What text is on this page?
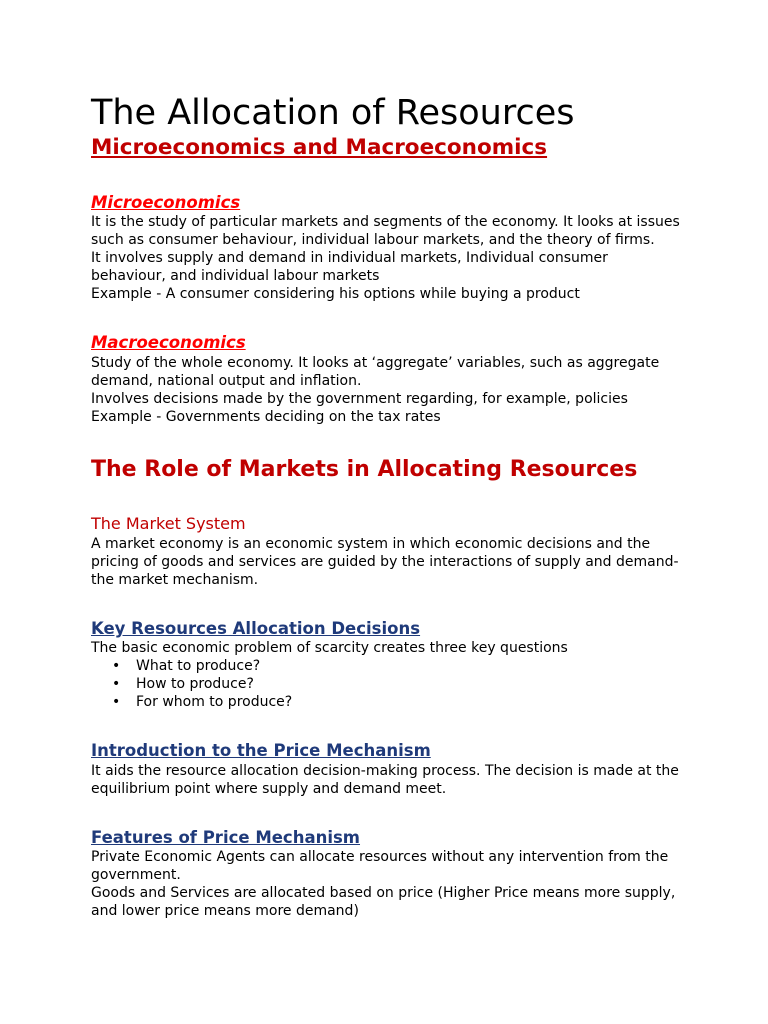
The Allocation of Resources
Microeconomics and Macroeconomics
Microeconomics
It is the study of particular markets and segments of the economy. It looks at issues
such as consumer behaviour, individual labour markets, and the theory of firms.
It involves supply and demand in individual markets, Individual consumer
behaviour, and individual labour markets
Example - A consumer considering his options while buying a product
Macroeconomics
Study of the whole economy. It looks at ‘aggregate’ variables, such as aggregate
demand, national output and inflation.
Involves decisions made by the government regarding, for example, policies
Example - Governments deciding on the tax rates
The Role of Markets in Allocating Resources
The Market System
A market economy is an economic system in which economic decisions and the
pricing of goods and services are guided by the interactions of supply and demand-
the market mechanism.
Key Resources Allocation Decisions
The basic economic problem of scarcity creates three key questions
• What to produce?
• How to produce?
• For whom to produce?
Introduction to the Price Mechanism
It aids the resource allocation decision-making process. The decision is made at the
equilibrium point where supply and demand meet.
Features of Price Mechanism
Private Economic Agents can allocate resources without any intervention from the
government.
Goods and Services are allocated based on price (Higher Price means more supply,
and lower price means more demand)
